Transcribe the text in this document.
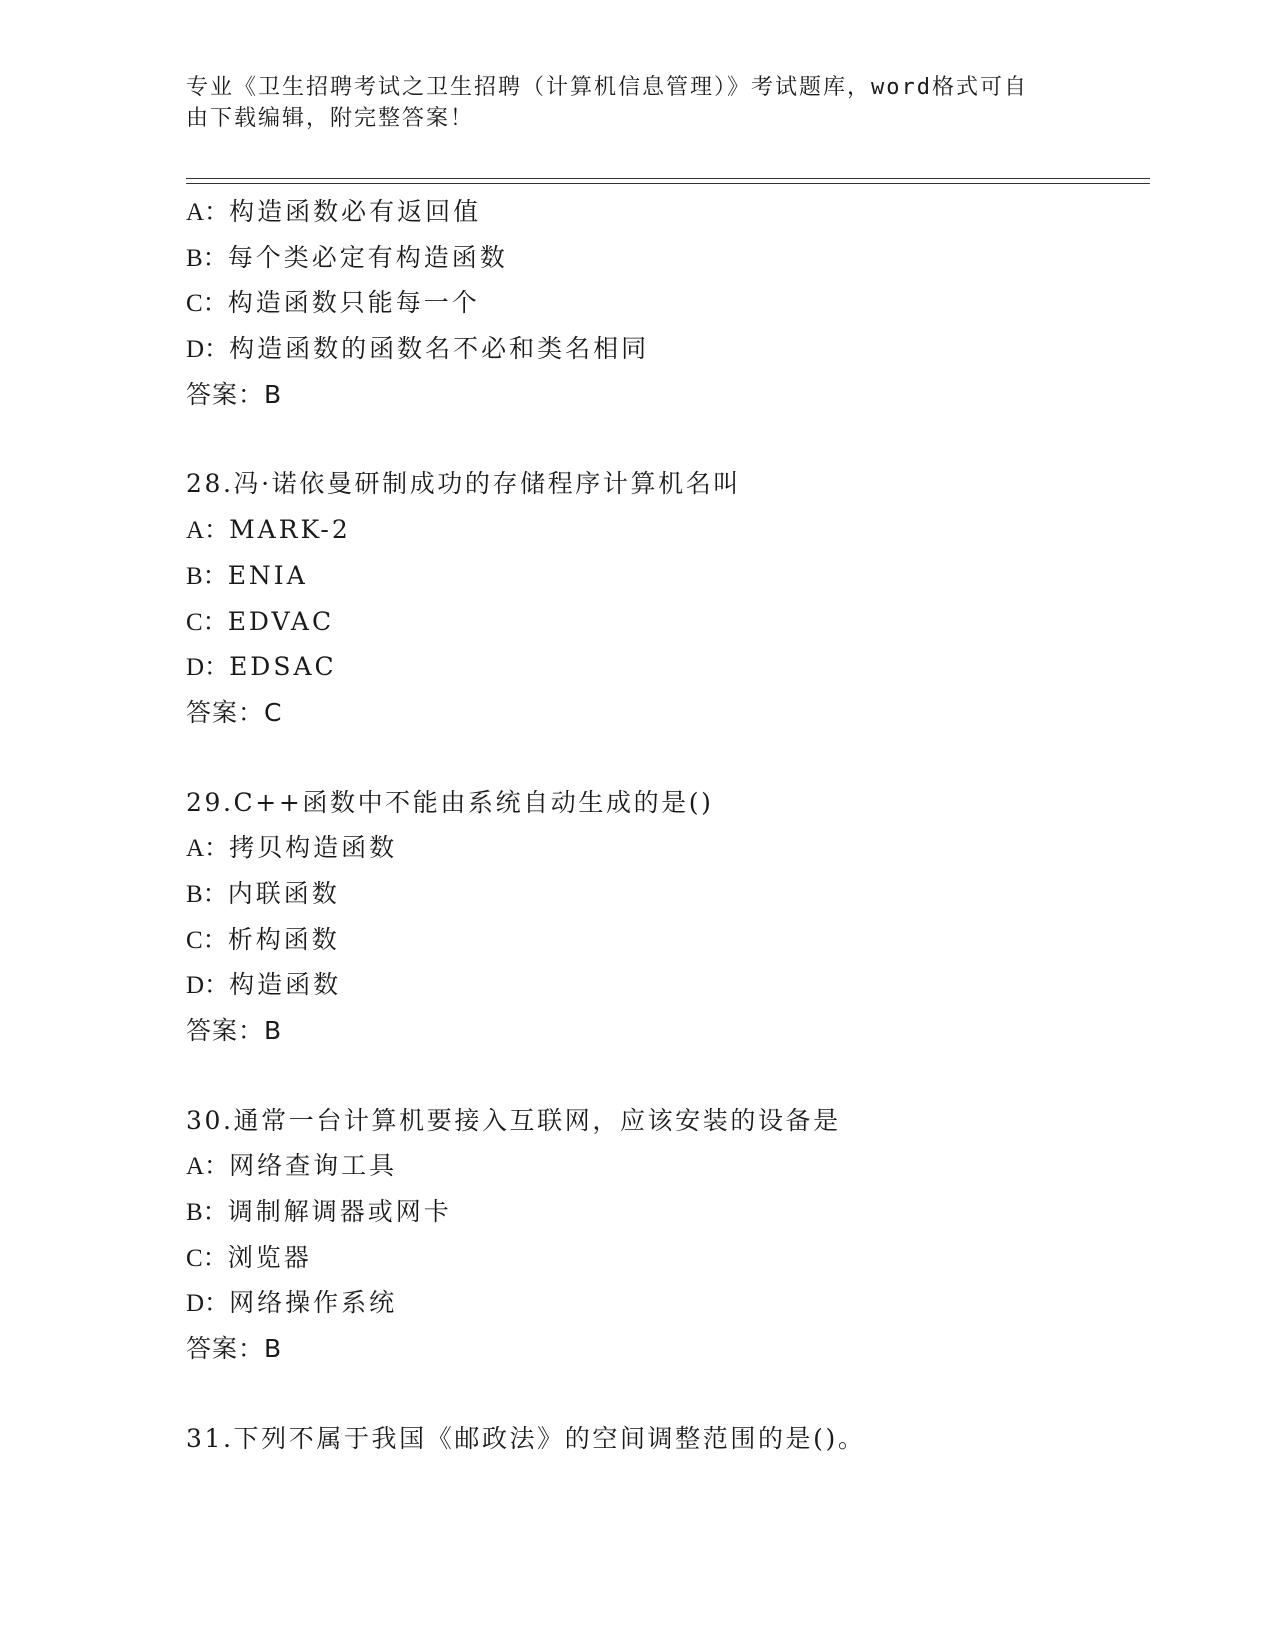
专业《卫生招聘考试之卫生招聘（计算机信息管理）》考试题库，word格式可自
由下载编辑，附完整答案！
A：构造函数必有返回值
B：每个类必定有构造函数
C：构造函数只能每一个
D：构造函数的函数名不必和类名相同
答案：B
28.冯·诺依曼研制成功的存储程序计算机名叫
A：MARK-2
B：ENIA
C：EDVAC
D：EDSAC
答案：C
29.C++函数中不能由系统自动生成的是()
A：拷贝构造函数
B：内联函数
C：析构函数
D：构造函数
答案：B
30.通常一台计算机要接入互联网，应该安装的设备是
A：网络查询工具
B：调制解调器或网卡
C：浏览器
D：网络操作系统
答案：B
31.下列不属于我国《邮政法》的空间调整范围的是()。
